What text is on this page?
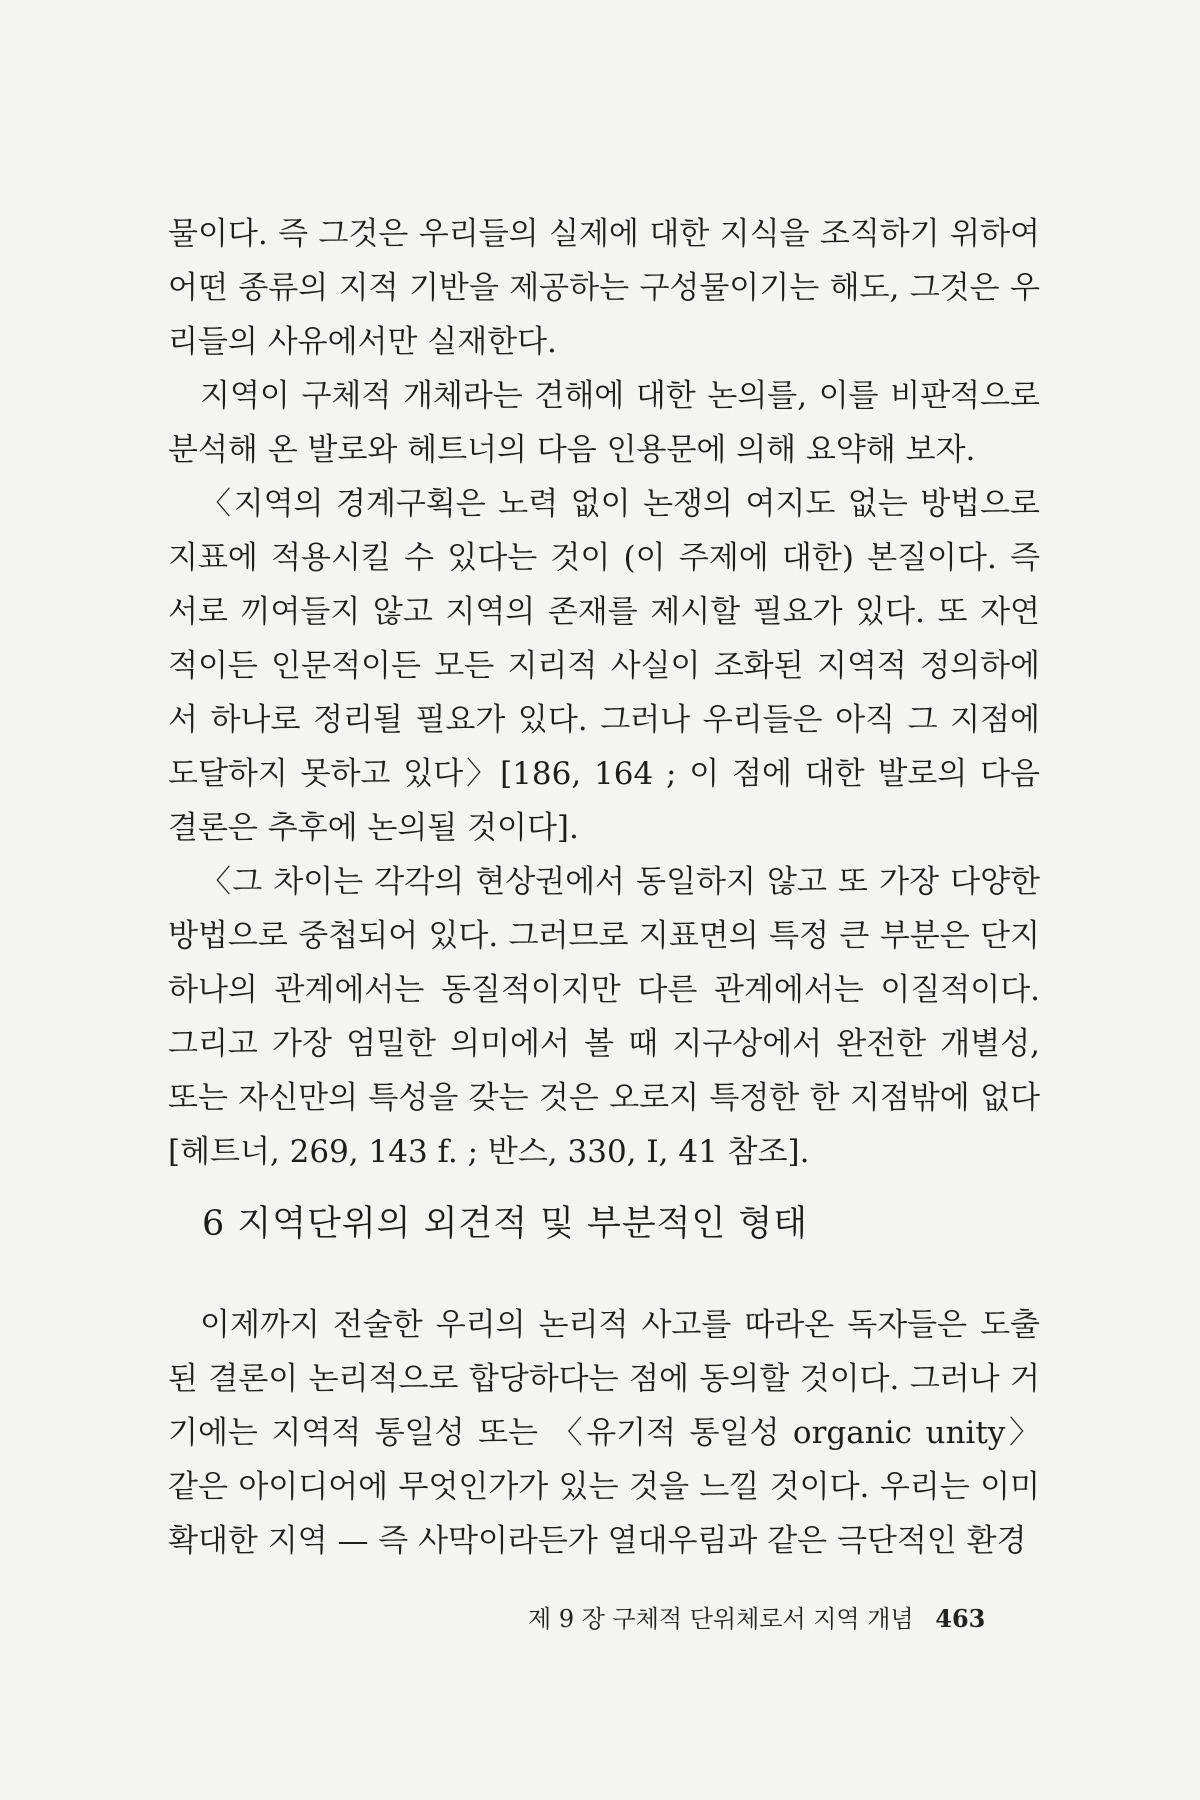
물이다. 즉 그것은 우리들의 실제에 대한 지식을 조직하기 위하여 어떤 종류의 지적 기반을 제공하는 구성물이기는 해도, 그것은 우리들의 사유에서만 실재한다.

지역이 구체적 개체라는 견해에 대한 논의를, 이를 비판적으로 분석해 온 발로와 헤트너의 다음 인용문에 의해 요약해 보자.

〈지역의 경계구획은 노력 없이 논쟁의 여지도 없는 방법으로 지표에 적용시킬 수 있다는 것이 (이 주제에 대한) 본질이다. 즉 서로 끼여들지 않고 지역의 존재를 제시할 필요가 있다. 또 자연적이든 인문적이든 모든 지리적 사실이 조화된 지역적 정의하에서 하나로 정리될 필요가 있다. 그러나 우리들은 아직 그 지점에 도달하지 못하고 있다〉[186, 164 ; 이 점에 대한 발로의 다음 결론은 추후에 논의될 것이다].

〈그 차이는 각각의 현상권에서 동일하지 않고 또 가장 다양한 방법으로 중첩되어 있다. 그러므로 지표면의 특정 큰 부분은 단지 하나의 관계에서는 동질적이지만 다른 관계에서는 이질적이다. 그리고 가장 엄밀한 의미에서 볼 때 지구상에서 완전한 개별성, 또는 자신만의 특성을 갖는 것은 오로지 특정한 한 지점밖에 없다[헤트너, 269, 143 f. ; 반스, 330, Ⅰ, 41 참조].

6 지역단위의 외견적 및 부분적인 형태

이제까지 전술한 우리의 논리적 사고를 따라온 독자들은 도출된 결론이 논리적으로 합당하다는 점에 동의할 것이다. 그러나 거기에는 지역적 통일성 또는 〈유기적 통일성 organic unity〉 같은 아이디어에 무엇인가가 있는 것을 느낄 것이다. 우리는 이미 확대한 지역 — 즉 사막이라든가 열대우림과 같은 극단적인 환경

제 9 장 구체적 단위체로서 지역 개념 463
